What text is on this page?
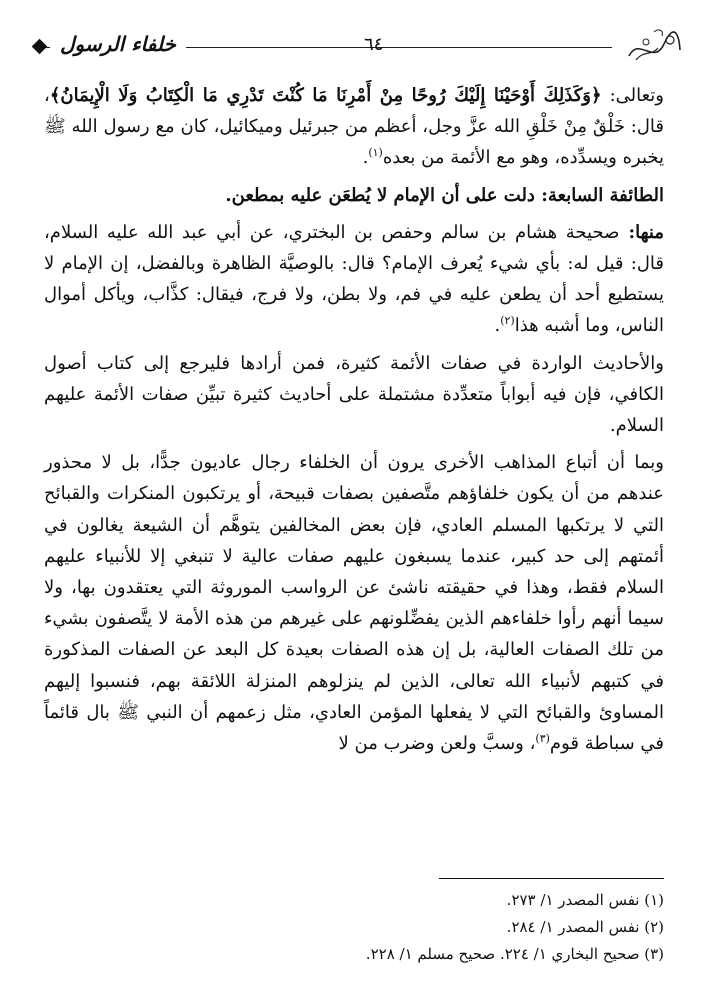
خلفاء الرسول	٦٤

وتعالى: ﴿وَكَذَلِكَ أَوْحَيْنَا إِلَيْكَ رُوحًا مِنْ أَمْرِنَا مَا كُنْتَ تَدْرِي مَا الْكِتَابُ وَلَا الْإِيمَانُ﴾، قال: خَلْقٌ مِنْ خَلْقِ الله عزَّ وجل، أعظم من جبرئيل وميكائيل، كان مع رسول الله ﷺ يخبره ويسدِّده، وهو مع الأئمة من بعده$^{(١)}$.

الطائفة السابعة: دلت على أن الإمام لا يُطعَن عليه بمطعن.

منها: صحيحة هشام بن سالم وحفص بن البختري، عن أبي عبد الله عليه السلام، قال: قيل له: بأي شيء يُعرف الإمام؟ قال: بالوصيَّة الظاهرة وبالفضل، إن الإمام لا يستطيع أحد أن يطعن عليه في فم، ولا بطن، ولا فرج، فيقال: كذَّاب، ويأكل أموال الناس، وما أشبه هذا$^{(٢)}$.

والأحاديث الواردة في صفات الأئمة كثيرة، فمن أرادها فليرجع إلى كتاب أصول الكافي، فإن فيه أبواباً متعدِّدة مشتملة على أحاديث كثيرة تبيِّن صفات الأئمة عليهم السلام.

وبما أن أتباع المذاهب الأخرى يرون أن الخلفاء رجال عاديون جدًّا، بل لا محذور عندهم من أن يكون خلفاؤهم متَّصفين بصفات قبيحة، أو يرتكبون المنكرات والقبائح التي لا يرتكبها المسلم العادي، فإن بعض المخالفين يتوهَّم أن الشيعة يغالون في أئمتهم إلى حد كبير، عندما يسبغون عليهم صفات عالية لا تنبغي إلا للأنبياء عليهم السلام فقط، وهذا في حقيقته ناشئ عن الرواسب الموروثة التي يعتقدون بها، ولا سيما أنهم رأوا خلفاءهم الذين يفضِّلونهم على غيرهم من هذه الأمة لا يتَّصفون بشيء من تلك الصفات العالية، بل إن هذه الصفات بعيدة كل البعد عن الصفات المذكورة في كتبهم لأنبياء الله تعالى، الذين لم ينزلوهم المنزلة اللائقة بهم، فنسبوا إليهم المساوئ والقبائح التي لا يفعلها المؤمن العادي، مثل زعمهم أن النبي ﷺ بال قائماً في سباطة قوم$^{(٣)}$، وسبَّ ولعن وضرب من لا

(١) نفس المصدر ١/ ٢٧٣.
(٢) نفس المصدر ١/ ٢٨٤.
(٣) صحيح البخاري ١/ ٢٢٤. صحيح مسلم ١/ ٢٢٨.
